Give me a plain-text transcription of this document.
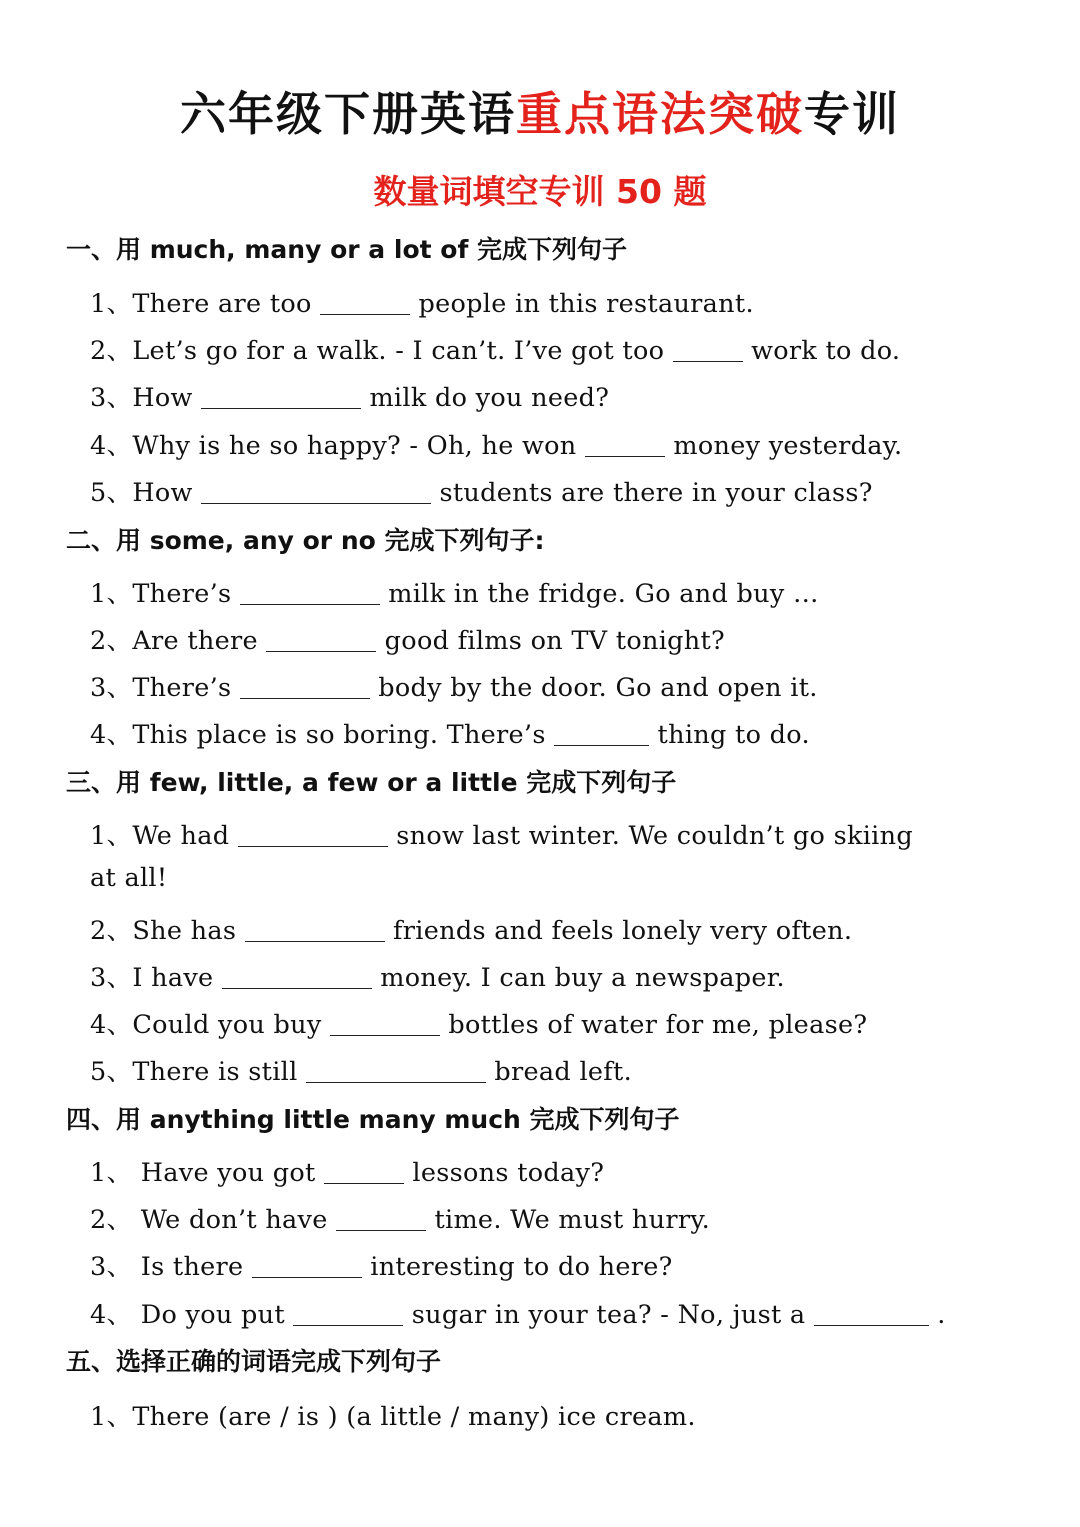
六年级下册英语重点语法突破专训
数量词填空专训 50 题
一、用 much, many or a lot of 完成下列句子
1、There are too	people in this restaurant.
2、Let’s go for a walk. - I can’t. I’ve got too	work to do.
3、How	milk do you need?
4、Why is he so happy? - Oh, he won	money yesterday.
5、How	students are there in your class?
二、用 some, any or no 完成下列句子:
1、There’s	milk in the fridge. Go and buy …
2、Are there	good films on TV tonight?
3、There’s	body by the door. Go and open it.
4、This place is so boring. There’s	thing to do.
三、用 few, little, a few or a little 完成下列句子
1、We had	snow last winter. We couldn’t go skiing
at all!
2、She has	friends and feels lonely very often.
3、I have	money. I can buy a newspaper.
4、Could you buy	bottles of water for me, please?
5、There is still	bread left.
四、用 anything little many much 完成下列句子
1、 Have you got	lessons today?
2、 We don’t have	time. We must hurry.
3、 Is there	interesting to do here?
4、 Do you put	sugar in your tea? - No, just a	.
五、选择正确的词语完成下列句子
1、There (are / is ) (a little / many) ice cream.
